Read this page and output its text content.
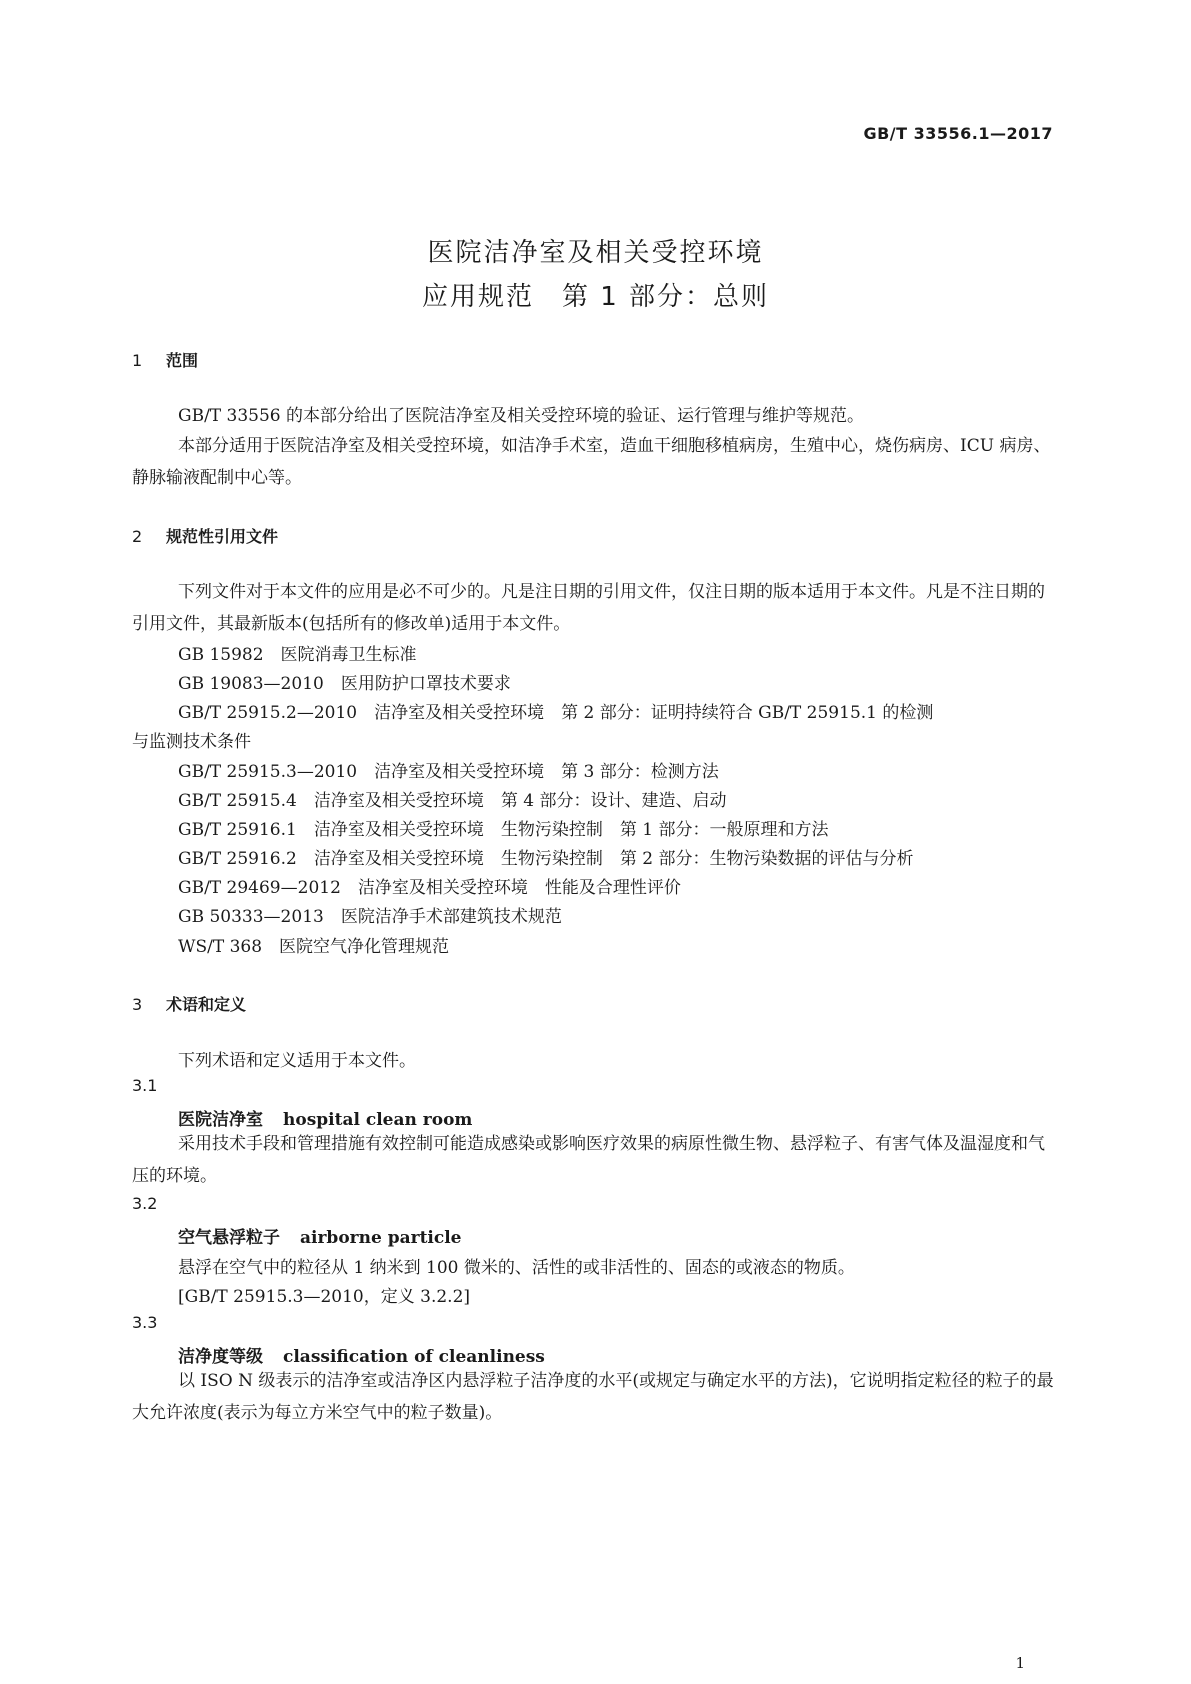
GB/T 33556.1—2017
医院洁净室及相关受控环境
应用规范　第 1 部分：总则
1 范围
GB/T 33556 的本部分给出了医院洁净室及相关受控环境的验证、运行管理与维护等规范。
本部分适用于医院洁净室及相关受控环境，如洁净手术室，造血干细胞移植病房，生殖中心，烧伤病房、ICU 病房、静脉输液配制中心等。
2 规范性引用文件
下列文件对于本文件的应用是必不可少的。凡是注日期的引用文件，仅注日期的版本适用于本文件。凡是不注日期的引用文件，其最新版本(包括所有的修改单)适用于本文件。
GB 15982　医院消毒卫生标准
GB 19083—2010　医用防护口罩技术要求
GB/T 25915.2—2010　洁净室及相关受控环境　第 2 部分：证明持续符合 GB/T 25915.1 的检测
与监测技术条件
GB/T 25915.3—2010　洁净室及相关受控环境　第 3 部分：检测方法
GB/T 25915.4　洁净室及相关受控环境　第 4 部分：设计、建造、启动
GB/T 25916.1　洁净室及相关受控环境　生物污染控制　第 1 部分：一般原理和方法
GB/T 25916.2　洁净室及相关受控环境　生物污染控制　第 2 部分：生物污染数据的评估与分析
GB/T 29469—2012　洁净室及相关受控环境　性能及合理性评价
GB 50333—2013　医院洁净手术部建筑技术规范
WS/T 368　医院空气净化管理规范
3 术语和定义
下列术语和定义适用于本文件。
3.1
医院洁净室 hospital clean room
采用技术手段和管理措施有效控制可能造成感染或影响医疗效果的病原性微生物、悬浮粒子、有害气体及温湿度和气压的环境。
3.2
空气悬浮粒子 airborne particle
悬浮在空气中的粒径从 1 纳米到 100 微米的、活性的或非活性的、固态的或液态的物质。
[GB/T 25915.3—2010，定义 3.2.2]
3.3
洁净度等级 classification of cleanliness
以 ISO N 级表示的洁净室或洁净区内悬浮粒子洁净度的水平(或规定与确定水平的方法)，它说明指定粒径的粒子的最大允许浓度(表示为每立方米空气中的粒子数量)。
1
